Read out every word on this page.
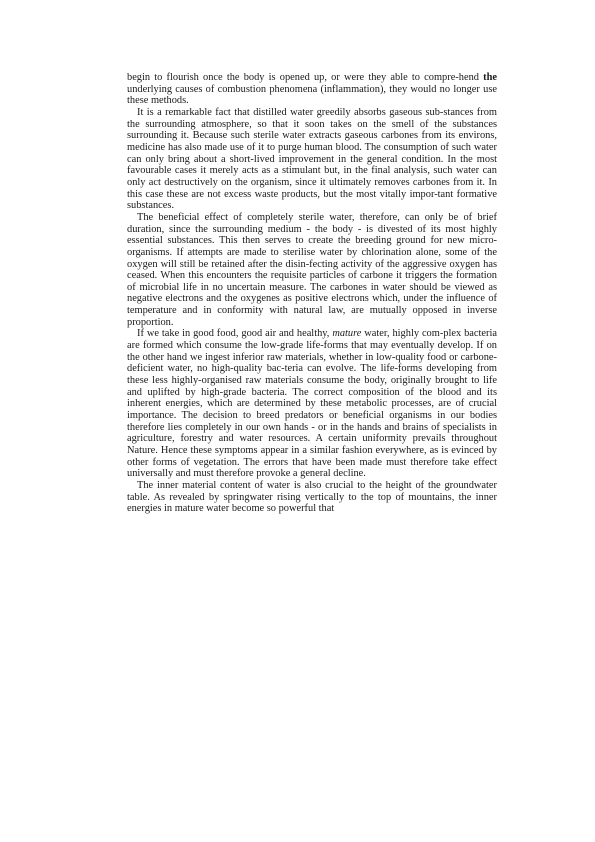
begin to flourish once the body is opened up, or were they able to compre-hend the underlying causes of combustion phenomena (inflammation), they would no longer use these methods.

It is a remarkable fact that distilled water greedily absorbs gaseous sub-stances from the surrounding atmosphere, so that it soon takes on the smell of the substances surrounding it. Because such sterile water extracts gaseous carbones from its environs, medicine has also made use of it to purge human blood. The consumption of such water can only bring about a short-lived improvement in the general condition. In the most favourable cases it merely acts as a stimulant but, in the final analysis, such water can only act destructively on the organism, since it ultimately removes carbones from it. In this case these are not excess waste products, but the most vitally impor-tant formative substances.

The beneficial effect of completely sterile water, therefore, can only be of brief duration, since the surrounding medium - the body - is divested of its most highly essential substances. This then serves to create the breeding ground for new micro-organisms. If attempts are made to sterilise water by chlorination alone, some of the oxygen will still be retained after the disin-fecting activity of the aggressive oxygen has ceased. When this encounters the requisite particles of carbone it triggers the formation of microbial life in no uncertain measure. The carbones in water should be viewed as negative electrons and the oxygenes as positive electrons which, under the influence of temperature and in conformity with natural law, are mutually opposed in inverse proportion.

If we take in good food, good air and healthy, mature water, highly com-plex bacteria are formed which consume the low-grade life-forms that may eventually develop. If on the other hand we ingest inferior raw materials, whether in low-quality food or carbone-deficient water, no high-quality bac-teria can evolve. The life-forms developing from these less highly-organised raw materials consume the body, originally brought to life and uplifted by high-grade bacteria. The correct composition of the blood and its inherent energies, which are determined by these metabolic processes, are of crucial importance. The decision to breed predators or beneficial organisms in our bodies therefore lies completely in our own hands - or in the hands and brains of specialists in agriculture, forestry and water resources. A certain uniformity prevails throughout Nature. Hence these symptoms appear in a similar fashion everywhere, as is evinced by other forms of vegetation. The errors that have been made must therefore take effect universally and must therefore provoke a general decline.

The inner material content of water is also crucial to the height of the groundwater table. As revealed by springwater rising vertically to the top of mountains, the inner energies in mature water become so powerful that
